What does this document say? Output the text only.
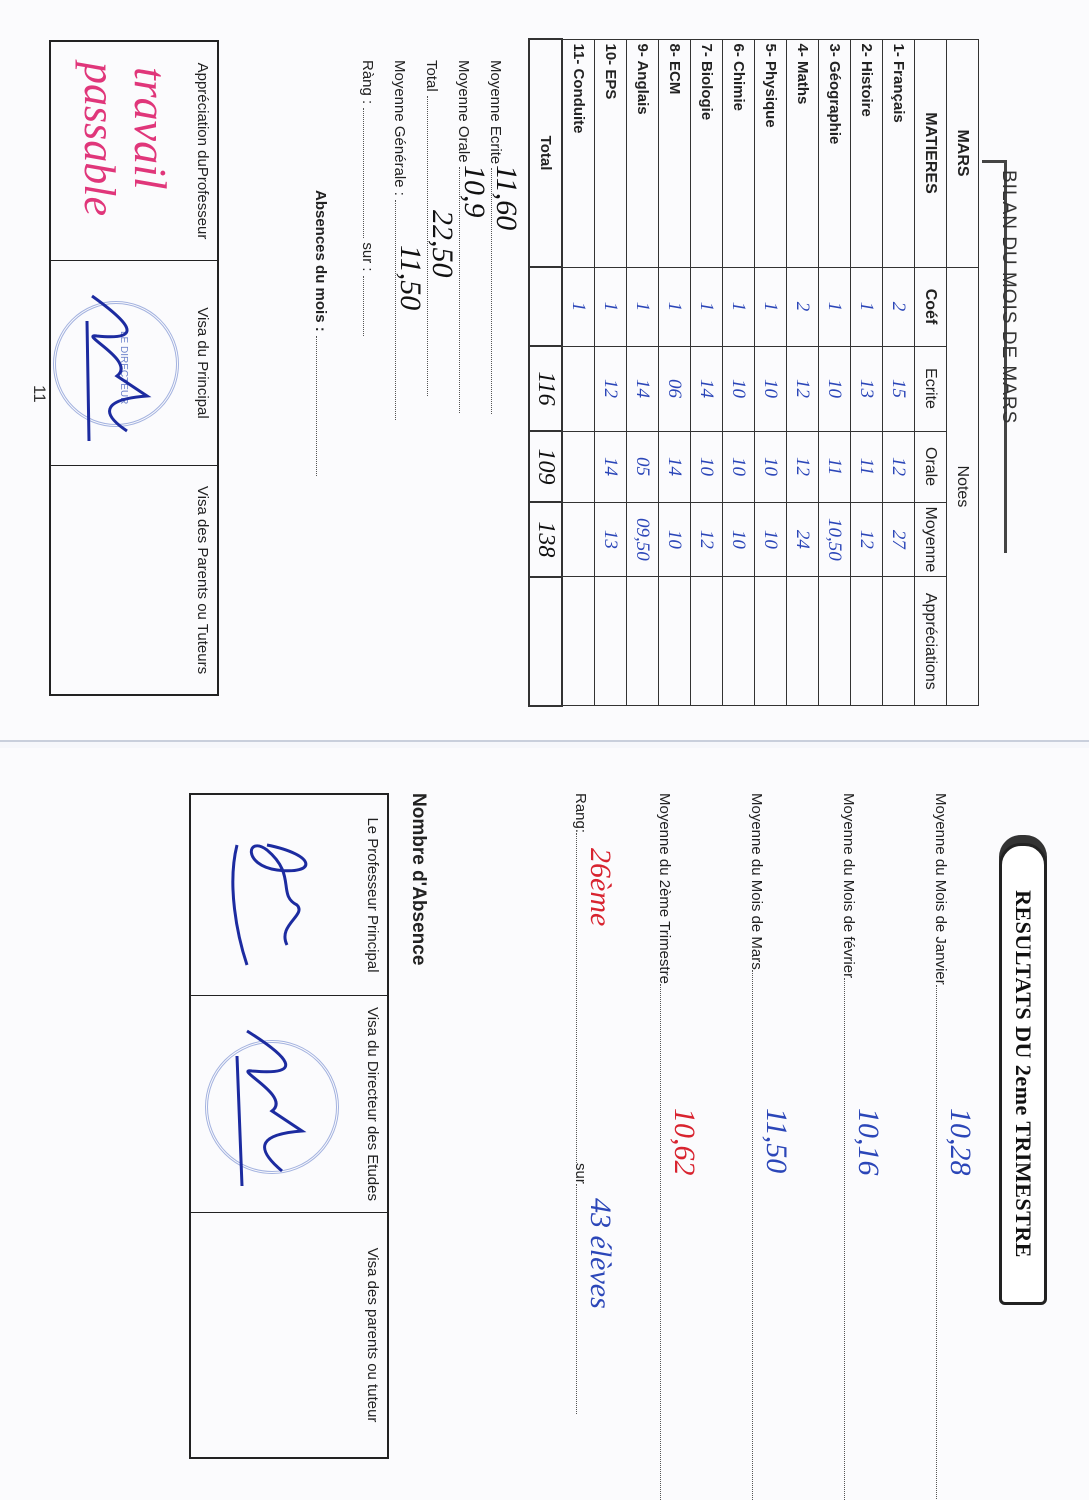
BILAN DU MOIS DE MARS
MARS	Notes				
MATIERES	Coéf	Ecrite	Orale	Moyenne	Appréciations
1- Français	2	15	12	27	
2- Histoire	1	13	11	12	
3- Géographie	1	10	11	10,50	
4- Maths	2	12	12	24	
5- Physique	1	10	10	10	
6- Chimie	1	10	10	10	
7- Biologie	1	14	10	12	
8- ECM	1	06	14	10	
9- Anglais	1	14	05	09,50	
10- EPS	1	12	14	13	
11- Conduite	1				
Total		116	109	138	
Moyenne Ecrite
11,60
Moyenne Orale
10,9
Total
22,50
Moyenne Générale :
11,50
Ràng : sur :
Absences du mois :
Appréciation duProfesseur
travail
passable
Visa du Principal
LE DIRECTEUR
Visa des Parents ou Tuteurs
11
RESULTATS DU 2eme TRIMESTRE
Moyenne du Mois de Janvier
10,28
Moyenne du Mois de février
10,16
Moyenne du Mois de Mars
11,50
Moyenne du 2ème Trimestre
10,62
Rang:sur
26ème
43 élèves
Nombre d'Absence
Le Professeur Principal
Visa du Directeur des Etudes
Visa des parents ou tuteur
